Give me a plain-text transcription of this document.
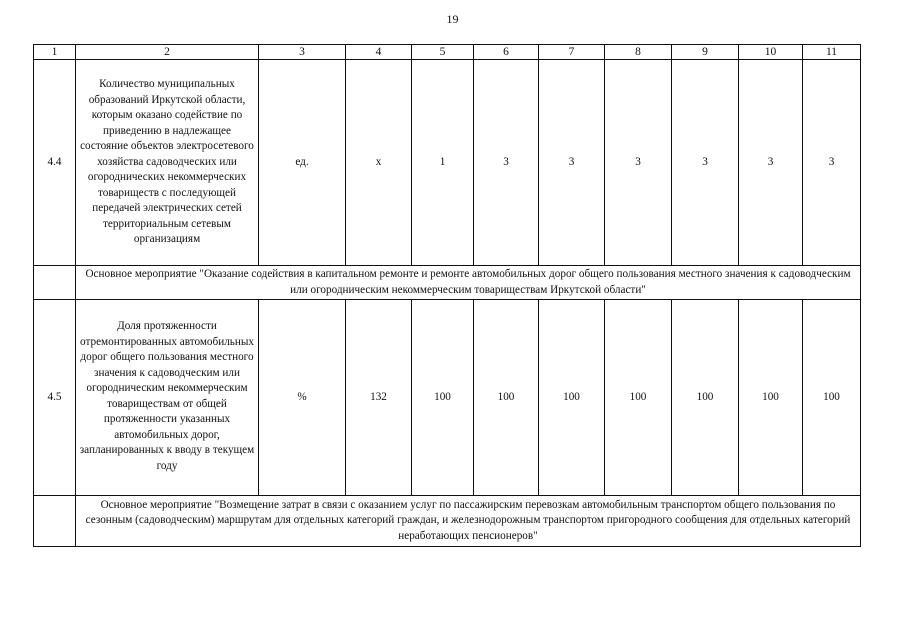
19
1	2	3	4	5	6	7	8	9	10	11
4.4	Количество муниципальных образований Иркутской области, которым оказано содействие по приведению в надлежащее состояние объектов электросетевого хозяйства садоводческих или огороднических некоммерческих товариществ с последующей передачей электрических сетей территориальным сетевым организациям	ед.	х	1	3	3	3	3	3	3
	Основное мероприятие "Оказание содействия в капитальном ремонте и ремонте автомобильных дорог общего пользования местного значения к садоводческим или огородническим некоммерческим товариществам Иркутской области"									
4.5	Доля протяженности отремонтированных автомобильных дорог общего пользования местного значения к садоводческим или огородническим некоммерческим товариществам от общей протяженности указанных автомобильных дорог, запланированных к вводу в текущем году	%	132	100	100	100	100	100	100	100
	Основное мероприятие "Возмещение затрат в связи с оказанием услуг по пассажирским перевозкам автомобильным транспортом общего пользования по сезонным (садоводческим) маршрутам для отдельных категорий граждан, и железнодорожным транспортом пригородного сообщения для отдельных категорий неработающих пенсионеров"									
